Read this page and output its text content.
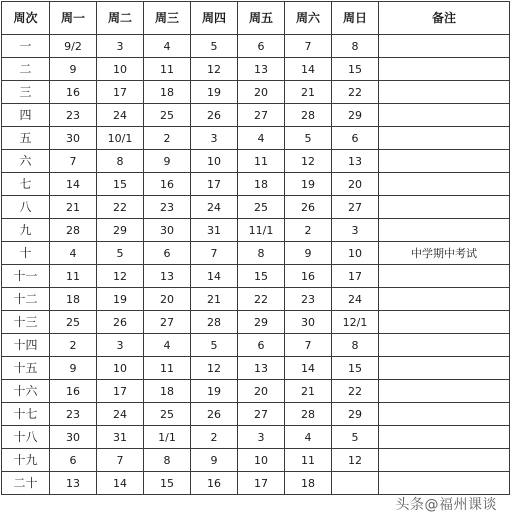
周次	周一	周二	周三	周四	周五	周六	周日	备注
一	9/2	3	4	5	6	7	8	
二	9	10	11	12	13	14	15	
三	16	17	18	19	20	21	22	
四	23	24	25	26	27	28	29	
五	30	10/1	2	3	4	5	6	
六	7	8	9	10	11	12	13	
七	14	15	16	17	18	19	20	
八	21	22	23	24	25	26	27	
九	28	29	30	31	11/1	2	3	
十	4	5	6	7	8	9	10	中学期中考试
十一	11	12	13	14	15	16	17	
十二	18	19	20	21	22	23	24	
十三	25	26	27	28	29	30	12/1	
十四	2	3	4	5	6	7	8	
十五	9	10	11	12	13	14	15	
十六	16	17	18	19	20	21	22	
十七	23	24	25	26	27	28	29	
十八	30	31	1/1	2	3	4	5	
十九	6	7	8	9	10	11	12	
二十	13	14	15	16	17	18		
头条@福州课谈
